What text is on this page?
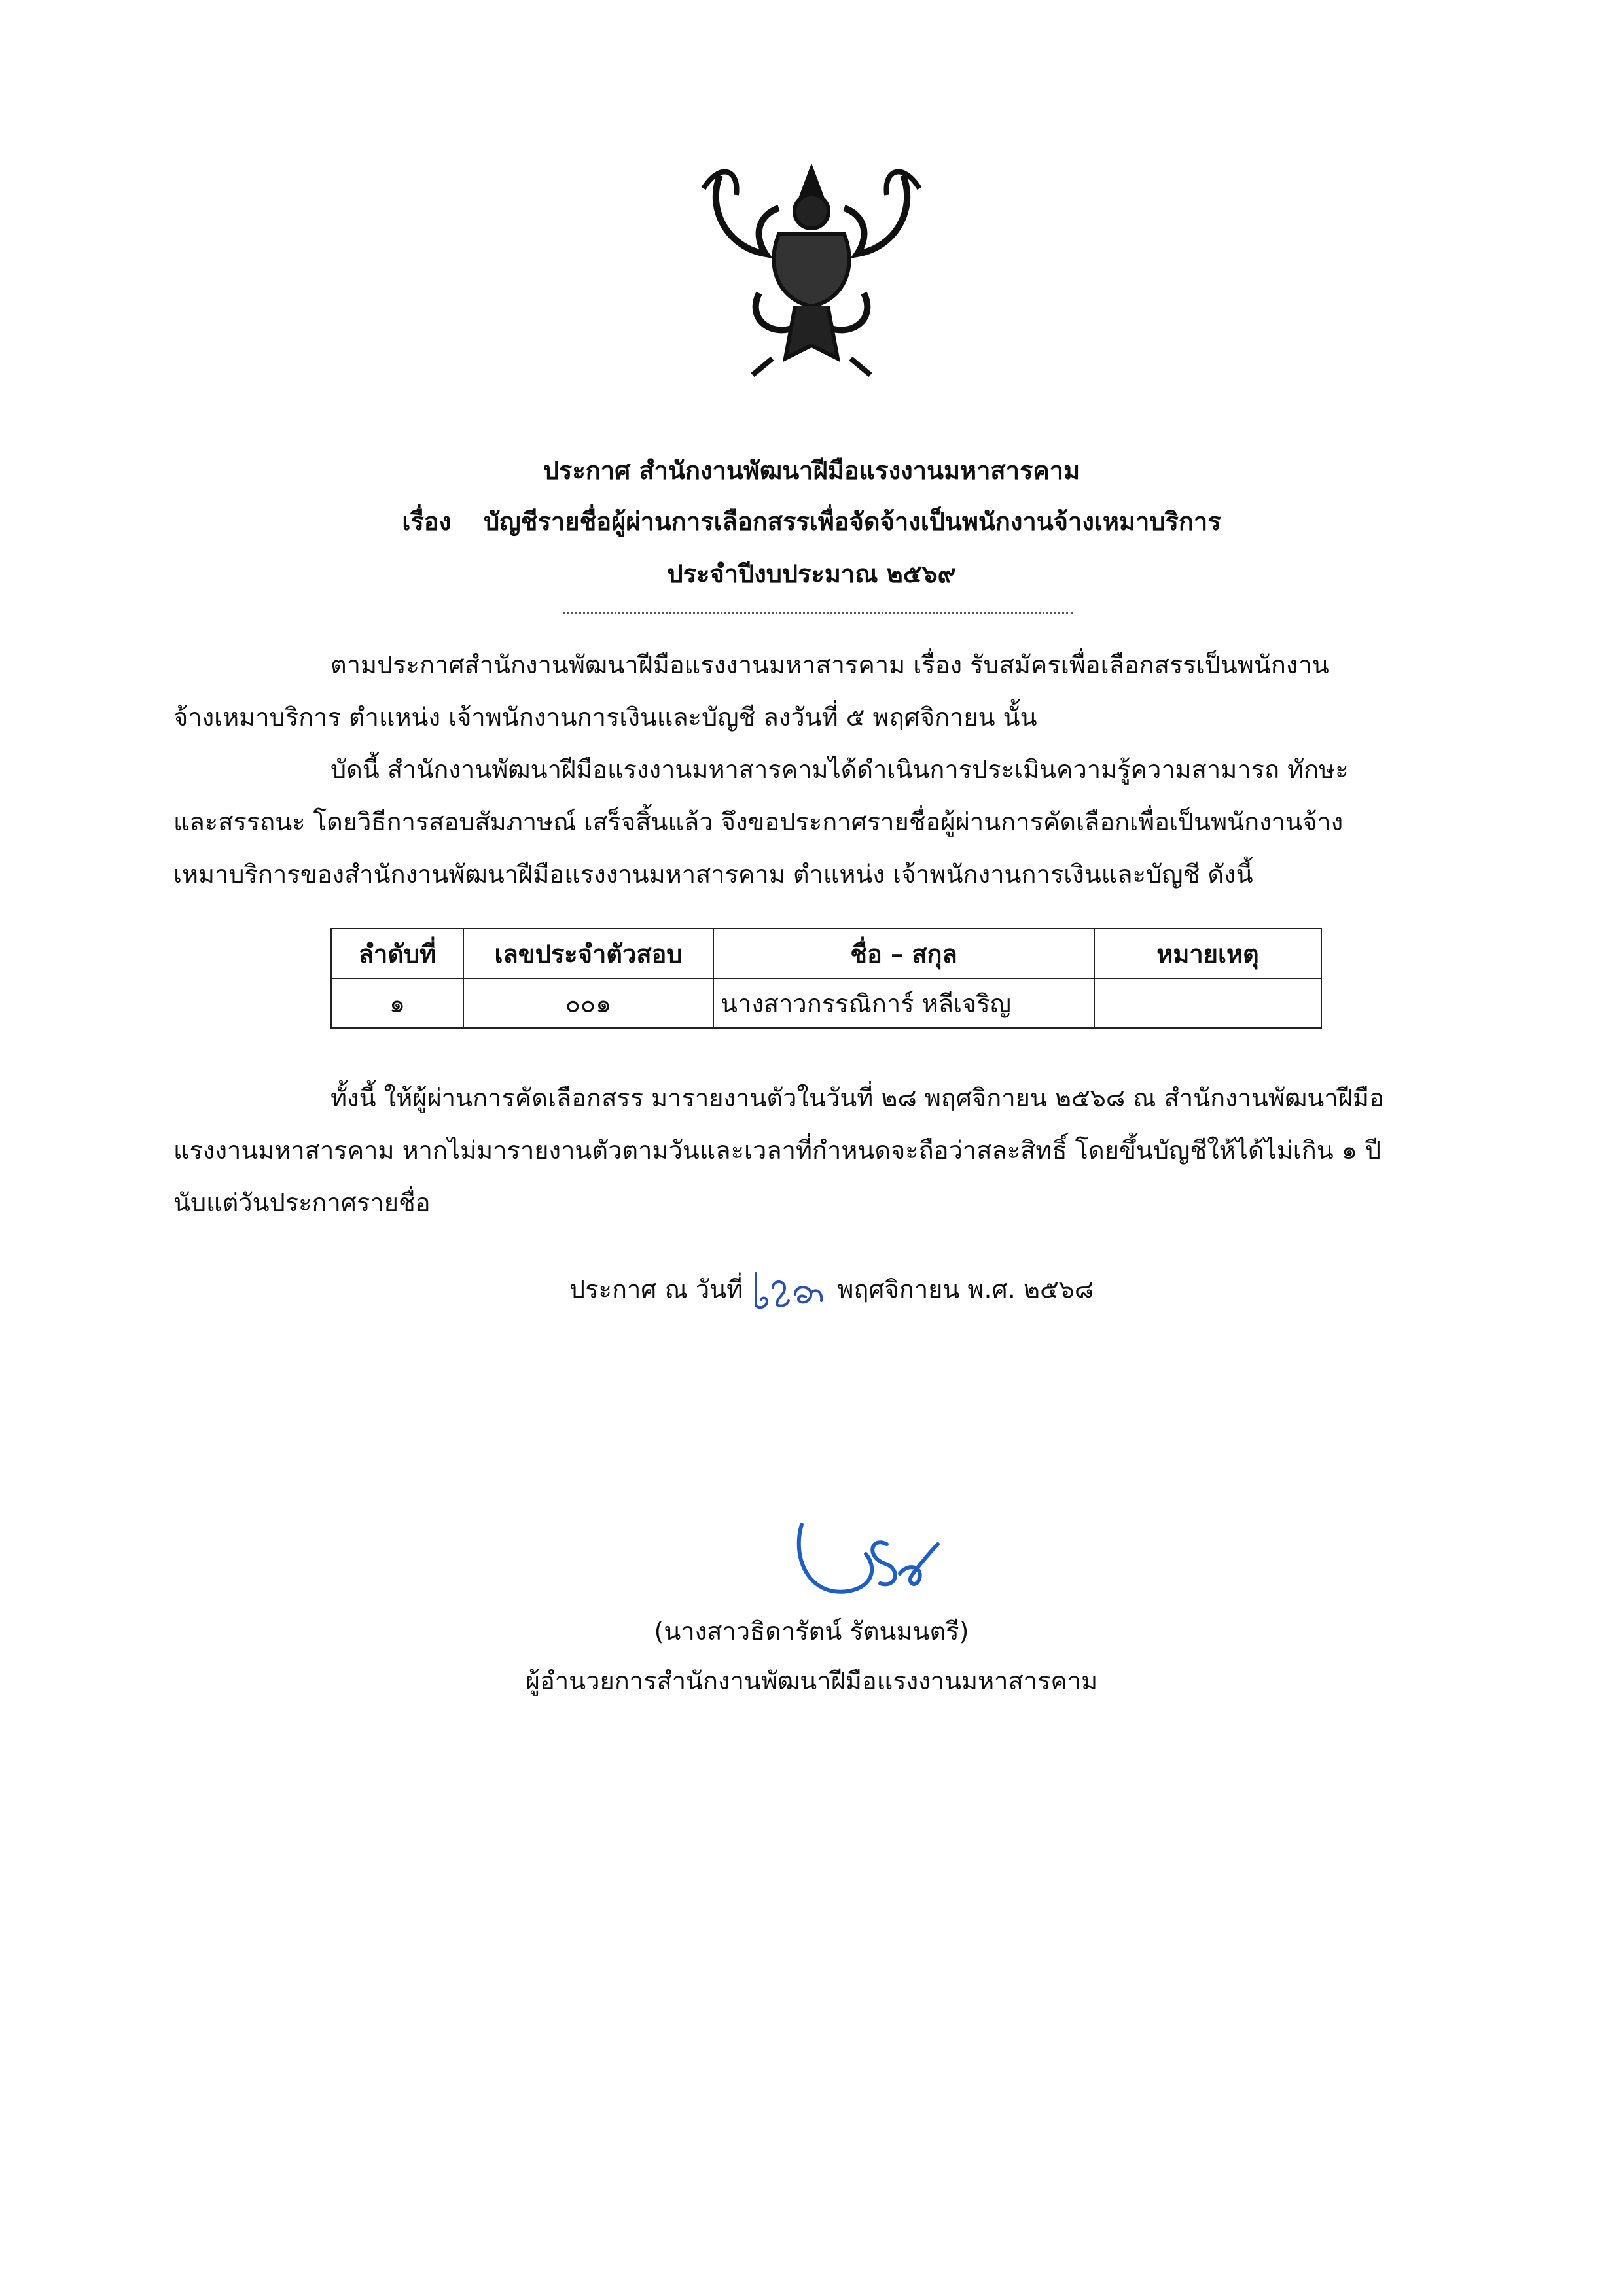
ประกาศ สำนักงานพัฒนาฝีมือแรงงานมหาสารคาม
เรื่อง บัญชีรายชื่อผู้ผ่านการเลือกสรรเพื่อจัดจ้างเป็นพนักงานจ้างเหมาบริการ
ประจำปีงบประมาณ ๒๕๖๙
ตามประกาศสำนักงานพัฒนาฝีมือแรงงานมหาสารคาม เรื่อง รับสมัครเพื่อเลือกสรรเป็นพนักงาน
จ้างเหมาบริการ ตำแหน่ง เจ้าพนักงานการเงินและบัญชี ลงวันที่ ๕ พฤศจิกายน นั้น
บัดนี้ สำนักงานพัฒนาฝีมือแรงงานมหาสารคามได้ดำเนินการประเมินความรู้ความสามารถ ทักษะ
และสรรถนะ โดยวิธีการสอบสัมภาษณ์ เสร็จสิ้นแล้ว จึงขอประกาศรายชื่อผู้ผ่านการคัดเลือกเพื่อเป็นพนักงานจ้าง
เหมาบริการของสำนักงานพัฒนาฝีมือแรงงานมหาสารคาม ตำแหน่ง เจ้าพนักงานการเงินและบัญชี ดังนี้
ลำดับที่	เลขประจำตัวสอบ	ชื่อ – สกุล	หมายเหตุ
๑	๐๐๑	นางสาวกรรณิการ์ หลีเจริญ	
ทั้งนี้ ให้ผู้ผ่านการคัดเลือกสรร มารายงานตัวในวันที่ ๒๘ พฤศจิกายน ๒๕๖๘ ณ สำนักงานพัฒนาฝีมือ
แรงงานมหาสารคาม หากไม่มารายงานตัวตามวันและเวลาที่กำหนดจะถือว่าสละสิทธิ์ โดยขึ้นบัญชีให้ได้ไม่เกิน ๑ ปี
นับแต่วันประกาศรายชื่อ
ประกาศ ณ วันที่	พฤศจิกายน พ.ศ. ๒๕๖๘
(นางสาวธิดารัตน์ รัตนมนตรี)
ผู้อำนวยการสำนักงานพัฒนาฝีมือแรงงานมหาสารคาม
